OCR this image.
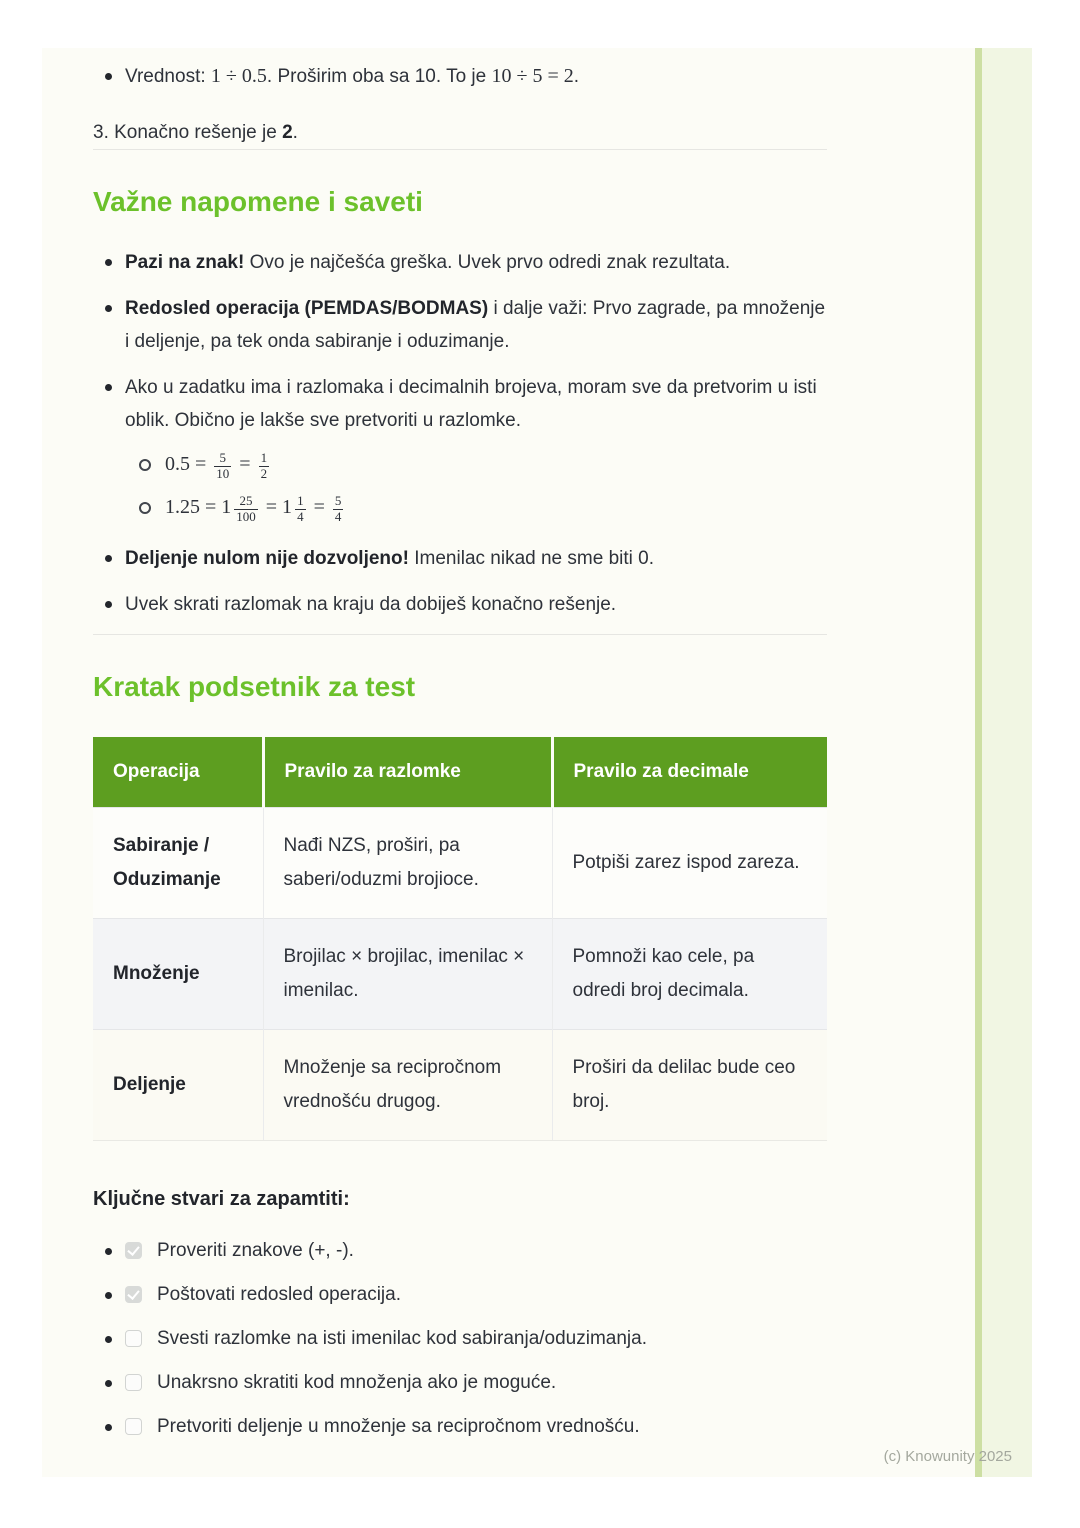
Vrednost: 1 ÷ 0.5. Proširim oba sa 10. To je 10 ÷ 5 = 2.

3. Konačno rešenje je 2.

Važne napomene i saveti
Pazi na znak! Ovo je najčešća greška. Uvek prvo odredi znak rezultata.
Redosled operacija (PEMDAS/BODMAS) i dalje važi: Prvo zagrade, pa množenje i deljenje, pa tek onda sabiranje i oduzimanje.
Ako u zadatku ima i razlomaka i decimalnih brojeva, moram sve da pretvorim u isti oblik. Obično je lakše sve pretvoriti u razlomke.
$0.5 = \frac{5}{10} = \frac{1}{2}$
$1.25 = 1 \frac{25}{100} = 1 \frac{1}{4} = \frac{5}{4}$
Deljenje nulom nije dozvoljeno! Imenilac nikad ne sme biti 0.
Uvek skrati razlomak na kraju da dobiješ konačno rešenje.
Kratak podsetnik za test
Operacija	Pravilo za razlomke	Pravilo za decimale
Sabiranje / Oduzimanje	Nađi NZS, proširi, pa saberi/oduzmi brojioce.	Potpiši zarez ispod zareza.
Množenje	Brojilac × brojilac, imenilac × imenilac.	Pomnoži kao cele, pa odredi broj decimala.
Deljenje	Množenje sa recipročnom vrednošću drugog.	Proširi da delilac bude ceo broj.

Ključne stvari za zapamtiti:

Proveriti znakove (+, -).
Poštovati redosled operacija.
Svesti razlomke na isti imenilac kod sabiranja/oduzimanja.
Unakrsno skratiti kod množenja ako je moguće.
Pretvoriti deljenje u množenje sa recipročnom vrednošću.
(c) Knowunity 2025
